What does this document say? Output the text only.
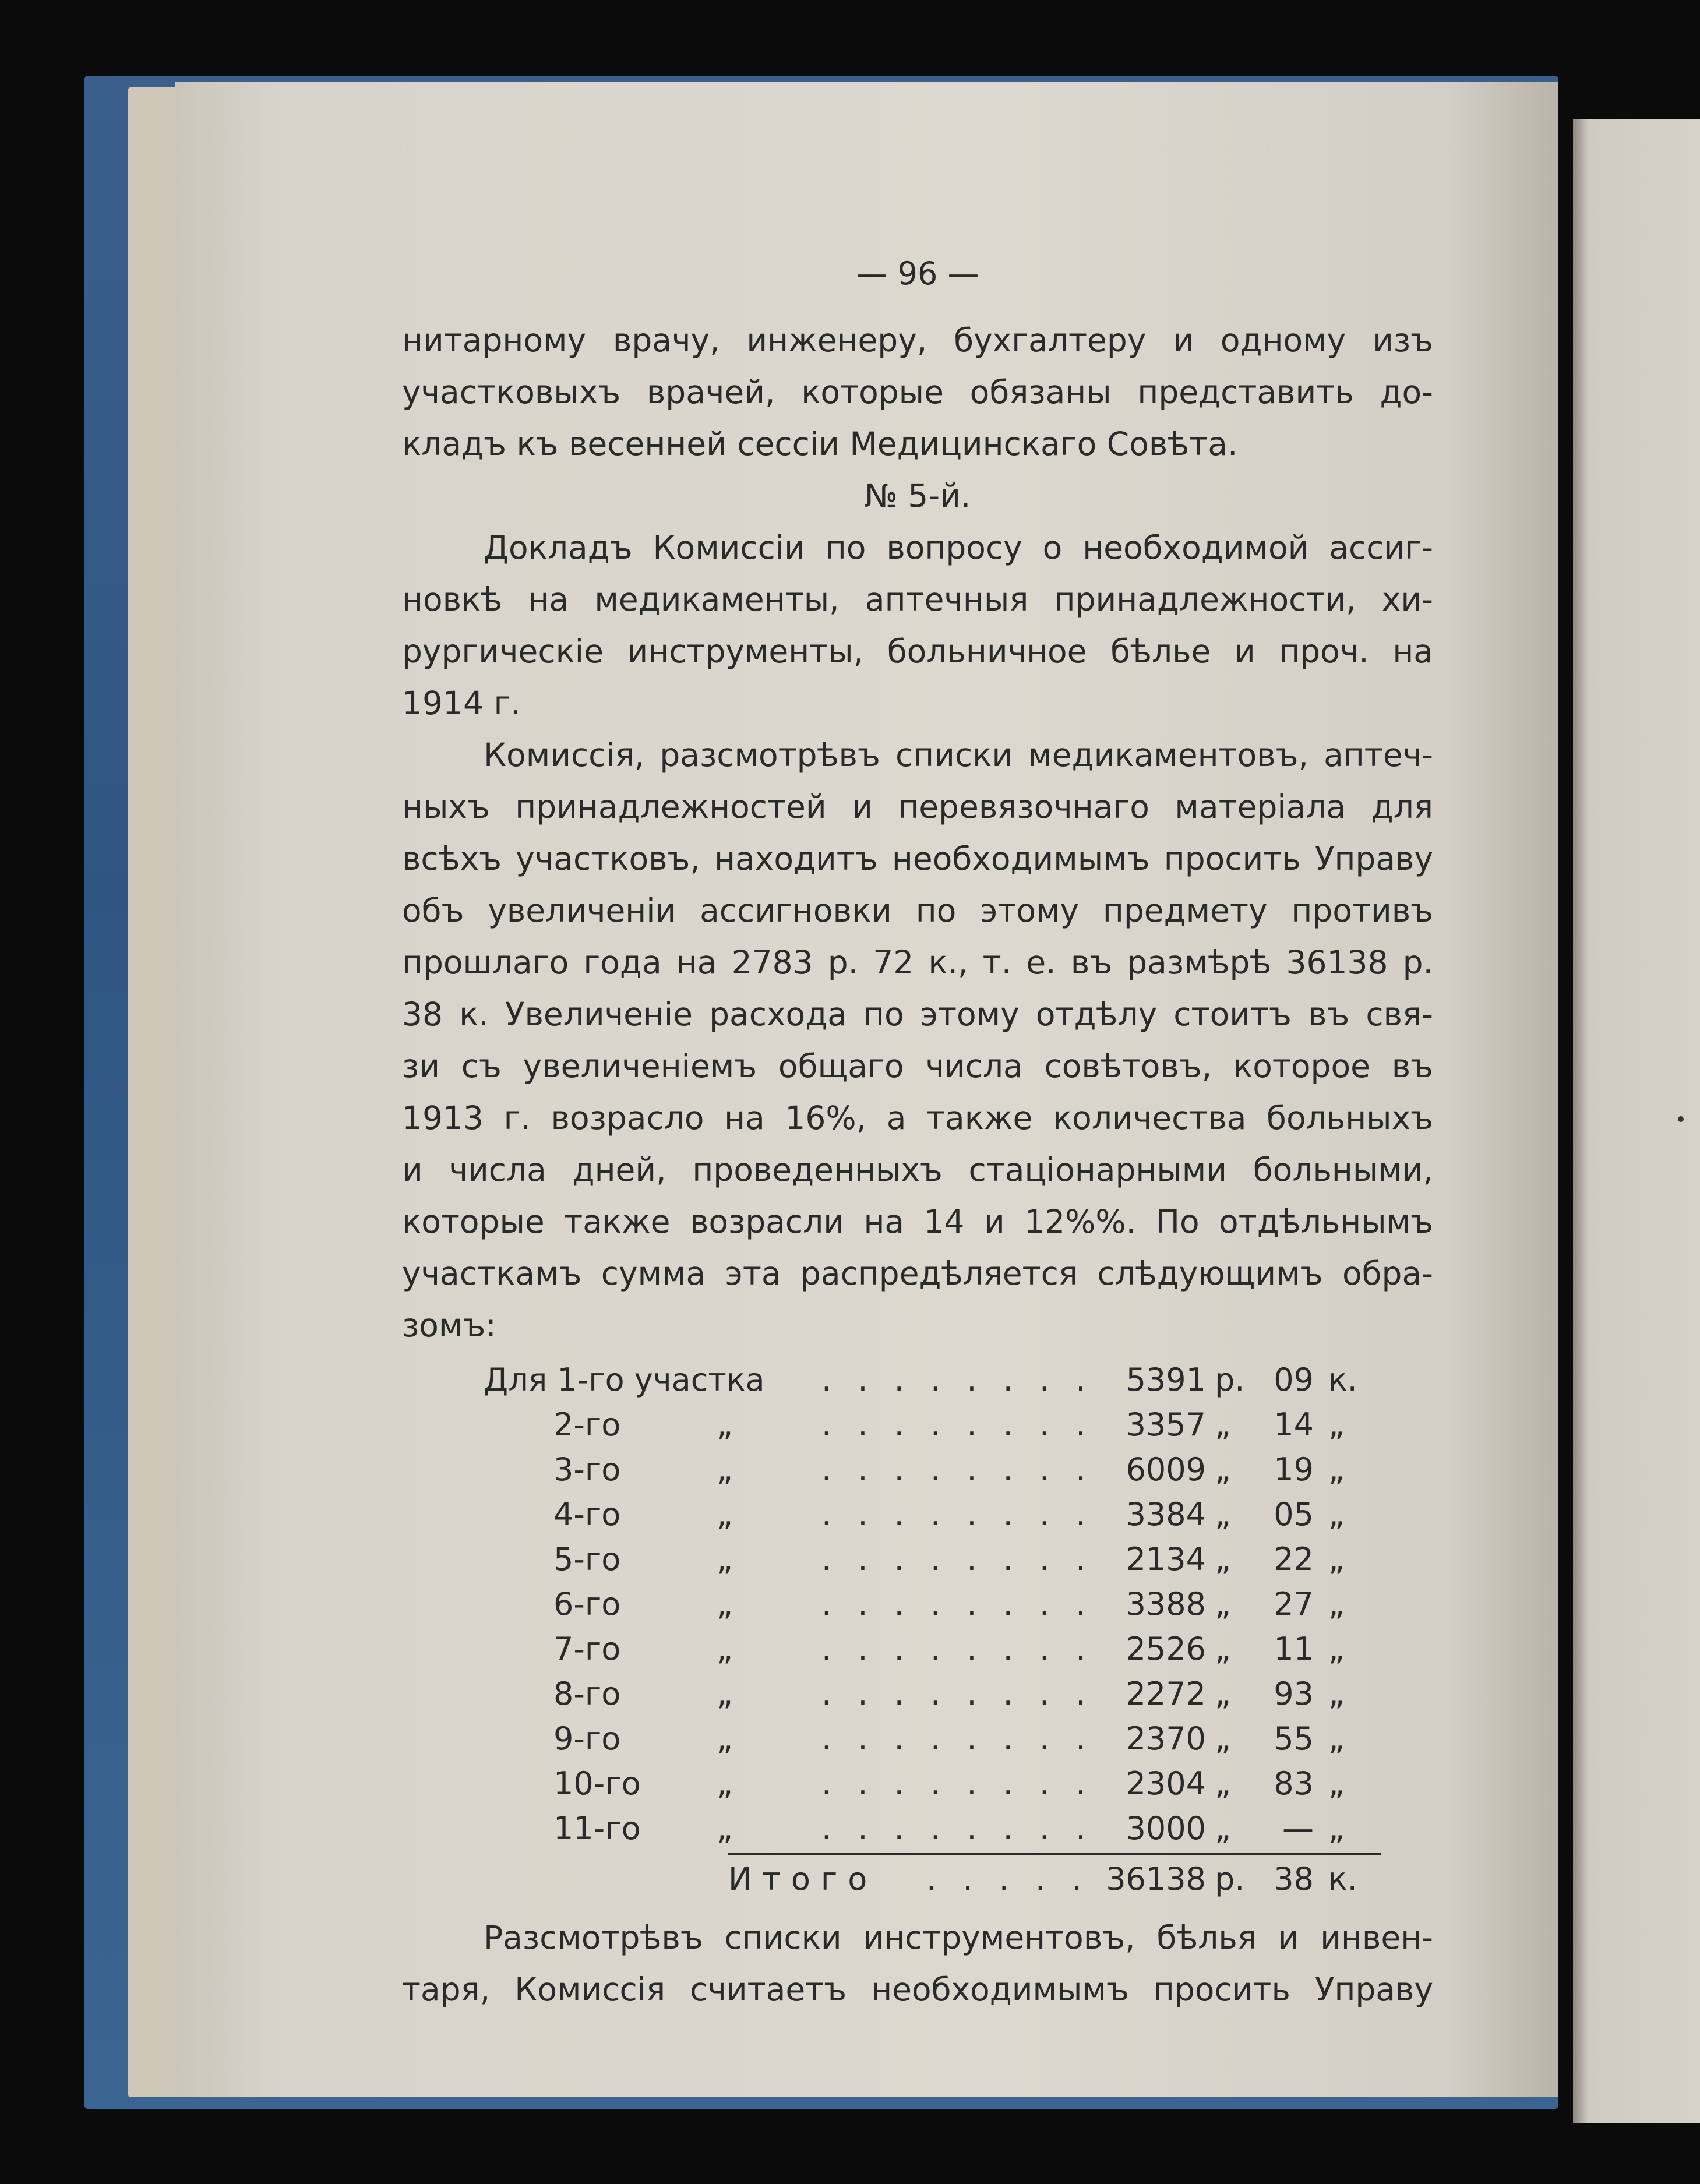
— 96 —
нитарному врачу, инженеру, бухгалтеру и одному изъ
участковыхъ врачей, которые обязаны представить до-
кладъ къ весенней сессіи Медицинскаго Совѣта.
№ 5-й.
Докладъ Комиссіи по вопросу о необходимой ассиг-
новкѣ на медикаменты, аптечныя принадлежности, хи-
рургическіе инструменты, больничное бѣлье и проч. на
1914 г.
Комиссія, разсмотрѣвъ списки медикаментовъ, аптеч-
ныхъ принадлежностей и перевязочнаго матеріала для
всѣхъ участковъ, находитъ необходимымъ просить Управу
объ увеличеніи ассигновки по этому предмету противъ
прошлаго года на 2783 р. 72 к., т. е. въ размѣрѣ 36138 р.
38 к. Увеличеніе расхода по этому отдѣлу стоитъ въ свя-
зи съ увеличеніемъ общаго числа совѣтовъ, которое въ
1913 г. возрасло на 16%, а также количества больныхъ
и числа дней, проведенныхъ стаціонарными больными,
которые также возрасли на 14 и 12%%. По отдѣльнымъ
участкамъ сумма эта распредѣляется слѣдующимъ обра-
зомъ:
Для 1-го участка . . . . . . . . 5391 р. 09 к.
2-го	„	. . . . . . . . 3357 „	14 „
3-го	„	. . . . . . . . 6009 „	19 „
4-го	„	. . . . . . . . 3384 „	05 „
5-го	„	. . . . . . . . 2134 „	22 „
6-го	„	. . . . . . . . 3388 „	27 „
7-го	„	. . . . . . . . 2526 „	11 „
8-го	„	. . . . . . . . 2272 „	93 „
9-го	„	. . . . . . . . 2370 „	55 „
10-го „	. . . . . . . . 2304 „	83 „
11-го „	. . . . . . . . 3000 „	— „
Итого . . . . . 36138 р. 38 к.
Разсмотрѣвъ списки инструментовъ, бѣлья и инвен-
таря, Комиссія считаетъ необходимымъ просить Управу
